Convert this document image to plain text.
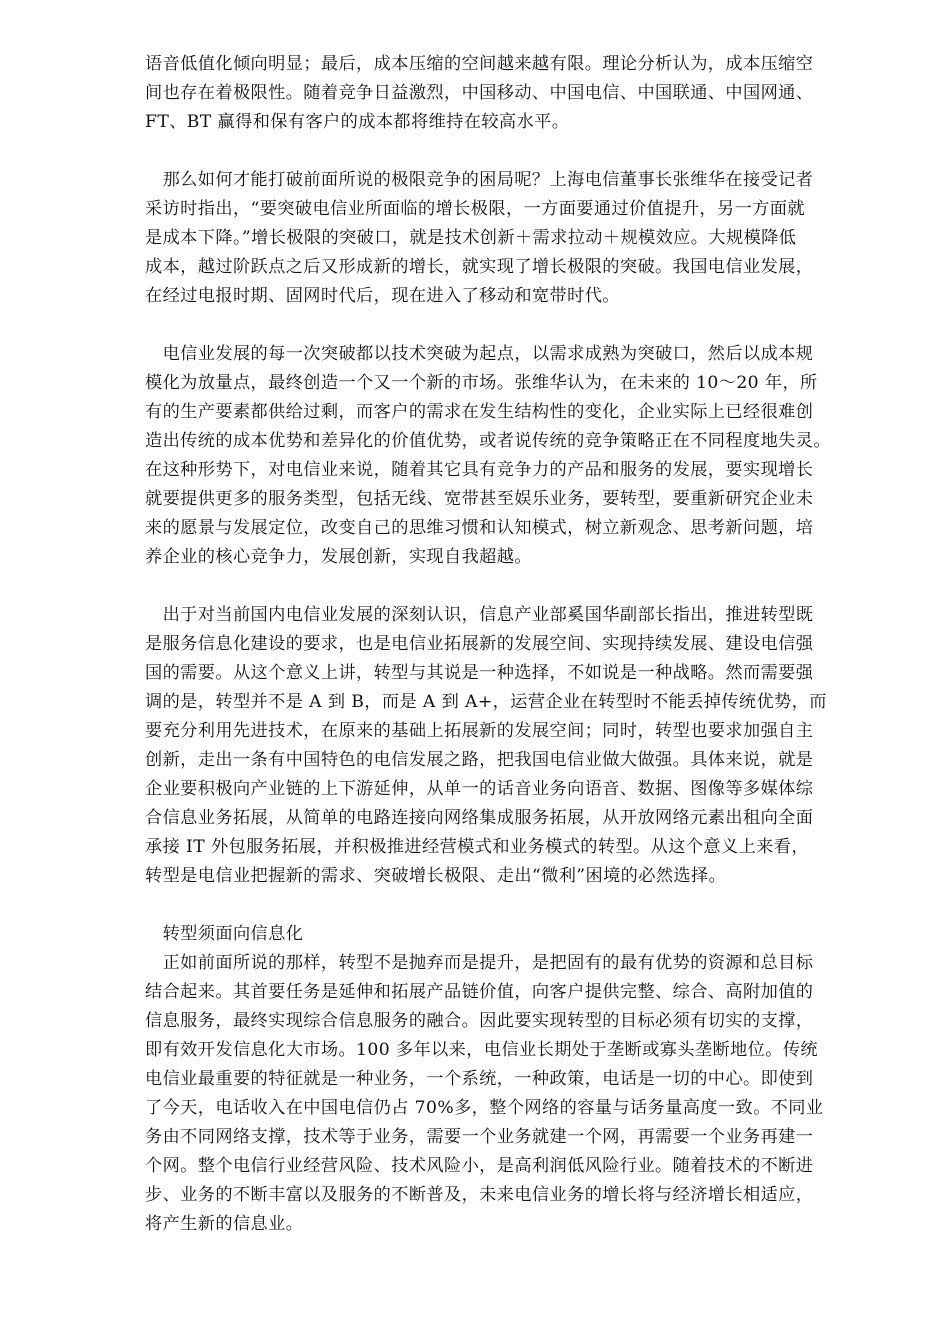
语音低值化倾向明显；最后，成本压缩的空间越来越有限。理论分析认为，成本压缩空
间也存在着极限性。随着竞争日益激烈，中国移动、中国电信、中国联通、中国网通、
FT、BT 赢得和保有客户的成本都将维持在较高水平。
　那么如何才能打破前面所说的极限竞争的困局呢？上海电信董事长张维华在接受记者
采访时指出，“要突破电信业所面临的增长极限，一方面要通过价值提升，另一方面就
是成本下降。”增长极限的突破口，就是技术创新＋需求拉动＋规模效应。大规模降低
成本，越过阶跃点之后又形成新的增长，就实现了增长极限的突破。我国电信业发展，
在经过电报时期、固网时代后，现在进入了移动和宽带时代。
　电信业发展的每一次突破都以技术突破为起点，以需求成熟为突破口，然后以成本规
模化为放量点，最终创造一个又一个新的市场。张维华认为，在未来的 10～20 年，所
有的生产要素都供给过剩，而客户的需求在发生结构性的变化，企业实际上已经很难创
造出传统的成本优势和差异化的价值优势，或者说传统的竞争策略正在不同程度地失灵。
在这种形势下，对电信业来说，随着其它具有竞争力的产品和服务的发展，要实现增长
就要提供更多的服务类型，包括无线、宽带甚至娱乐业务，要转型，要重新研究企业未
来的愿景与发展定位，改变自己的思维习惯和认知模式，树立新观念、思考新问题，培
养企业的核心竞争力，发展创新，实现自我超越。
　出于对当前国内电信业发展的深刻认识，信息产业部奚国华副部长指出，推进转型既
是服务信息化建设的要求，也是电信业拓展新的发展空间、实现持续发展、建设电信强
国的需要。从这个意义上讲，转型与其说是一种选择，不如说是一种战略。然而需要强
调的是，转型并不是 A 到 B，而是 A 到 A+，运营企业在转型时不能丢掉传统优势，而
要充分利用先进技术，在原来的基础上拓展新的发展空间；同时，转型也要求加强自主
创新，走出一条有中国特色的电信发展之路，把我国电信业做大做强。具体来说，就是
企业要积极向产业链的上下游延伸，从单一的话音业务向语音、数据、图像等多媒体综
合信息业务拓展，从简单的电路连接向网络集成服务拓展，从开放网络元素出租向全面
承接 IT 外包服务拓展，并积极推进经营模式和业务模式的转型。从这个意义上来看，
转型是电信业把握新的需求、突破增长极限、走出“微利”困境的必然选择。
　转型须面向信息化
　正如前面所说的那样，转型不是抛弃而是提升，是把固有的最有优势的资源和总目标
结合起来。其首要任务是延伸和拓展产品链价值，向客户提供完整、综合、高附加值的
信息服务，最终实现综合信息服务的融合。因此要实现转型的目标必须有切实的支撑，
即有效开发信息化大市场。100 多年以来，电信业长期处于垄断或寡头垄断地位。传统
电信业最重要的特征就是一种业务，一个系统，一种政策，电话是一切的中心。即使到
了今天，电话收入在中国电信仍占 70%多，整个网络的容量与话务量高度一致。不同业
务由不同网络支撑，技术等于业务，需要一个业务就建一个网，再需要一个业务再建一
个网。整个电信行业经营风险、技术风险小，是高利润低风险行业。随着技术的不断进
步、业务的不断丰富以及服务的不断普及，未来电信业务的增长将与经济增长相适应，
将产生新的信息业。
